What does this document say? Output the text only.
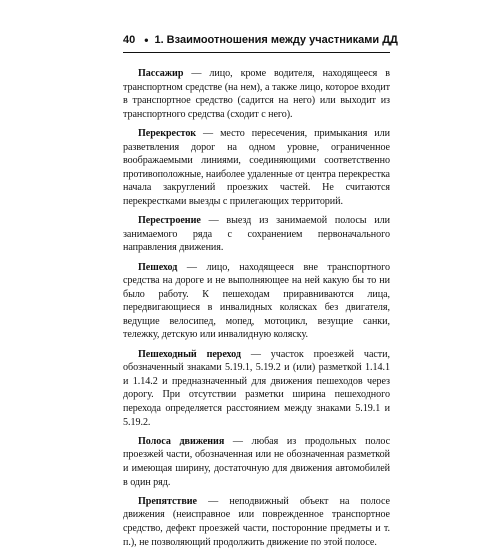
40 • 1. Взаимоотношения между участниками ДД

Пассажир — лицо, кроме водителя, находящееся в транспортном средстве (на нем), а также лицо, которое входит в транспортное средство (садится на него) или выходит из транспортного средства (сходит с него).

Перекресток — место пересечения, примыкания или разветвления дорог на одном уровне, ограниченное воображаемыми линиями, соединяющими соответственно противоположные, наиболее удаленные от центра перекрестка начала закруглений проезжих частей. Не считаются перекрестками выезды с прилегающих территорий.

Перестроение — выезд из занимаемой полосы или занимаемого ряда с сохранением первоначального направления движения.

Пешеход — лицо, находящееся вне транспортного средства на дороге и не выполняющее на ней какую бы то ни было работу. К пешеходам приравниваются лица, передвигающиеся в инвалидных колясках без двигателя, ведущие велосипед, мопед, мотоцикл, везущие санки, тележку, детскую или инвалидную коляску.

Пешеходный переход — участок проезжей части, обозначенный знаками 5.19.1, 5.19.2 и (или) разметкой 1.14.1 и 1.14.2 и предназначенный для движения пешеходов через дорогу. При отсутствии разметки ширина пешеходного перехода определяется расстоянием между знаками 5.19.1 и 5.19.2.

Полоса движения — любая из продольных полос проезжей части, обозначенная или не обозначенная разметкой и имеющая ширину, достаточную для движения автомобилей в один ряд.

Препятствие — неподвижный объект на полосе движения (неисправное или поврежденное транспортное средство, дефект проезжей части, посторонние предметы и т. п.), не позволяющий продолжить движение по этой полосе.
